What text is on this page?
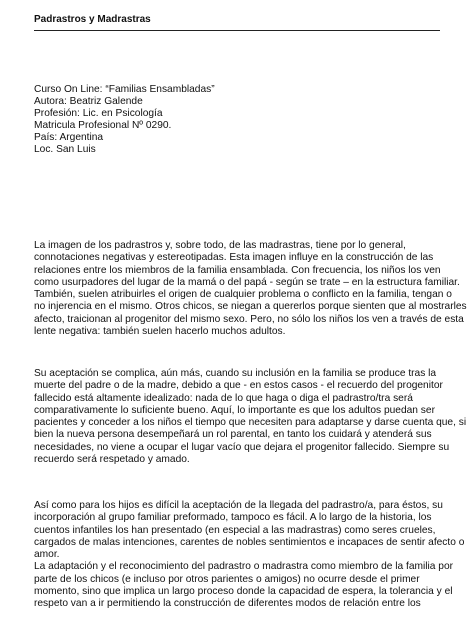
Padrastros y Madrastras
Curso On Line: “Familias Ensambladas”
Autora: Beatriz Galende
Profesión: Lic. en Psicología
Matricula Profesional Nº 0290.
País: Argentina
Loc. San Luis

La imagen de los padrastros y, sobre todo, de las madrastras, tiene por lo general,
connotaciones negativas y estereotipadas. Esta imagen influye en la construcción de las
relaciones entre los miembros de la familia ensamblada. Con frecuencia, los niños los ven
como usurpadores del lugar de la mamá o del papá - según se trate – en la estructura familiar.
También, suelen atribuirles el origen de cualquier problema o conflicto en la familia, tengan o
no injerencia en el mismo. Otros chicos, se niegan a quererlos porque sienten que al mostrarles
afecto, traicionan al progenitor del mismo sexo. Pero, no sólo los niños los ven a través de esta
lente negativa: también suelen hacerlo muchos adultos.

Su aceptación se complica, aún más, cuando su inclusión en la familia se produce tras la
muerte del padre o de la madre, debido a que - en estos casos - el recuerdo del progenitor
fallecido está altamente idealizado: nada de lo que haga o diga el padrastro/tra será
comparativamente lo suficiente bueno. Aquí, lo importante es que los adultos puedan ser
pacientes y conceder a los niños el tiempo que necesiten para adaptarse y darse cuenta que, si
bien la nueva persona desempeñará un rol parental, en tanto los cuidará y atenderá sus
necesidades, no viene a ocupar el lugar vacío que dejara el progenitor fallecido. Siempre su
recuerdo será respetado y amado.

Así como para los hijos es difícil la aceptación de la llegada del padrastro/a, para éstos, su
incorporación al grupo familiar preformado, tampoco es fácil. A lo largo de la historia, los
cuentos infantiles los han presentado (en especial a las madrastras) como seres crueles,
cargados de malas intenciones, carentes de nobles sentimientos e incapaces de sentir afecto o
amor.
La adaptación y el reconocimiento del padrastro o madrastra como miembro de la familia por
parte de los chicos (e incluso por otros parientes o amigos) no ocurre desde el primer
momento, sino que implica un largo proceso donde la capacidad de espera, la tolerancia y el
respeto van a ir permitiendo la construcción de diferentes modos de relación entre los
